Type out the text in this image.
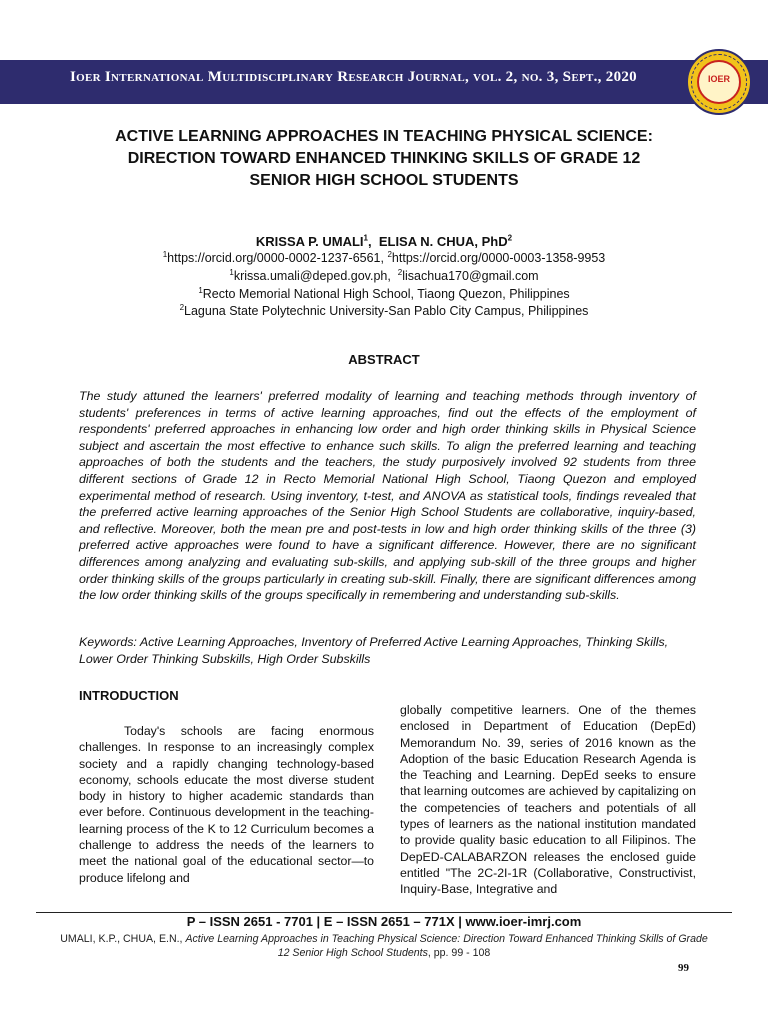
Ioer International Multidisciplinary Research Journal, vol. 2, no. 3, Sept., 2020	IOER
ACTIVE LEARNING APPROACHES IN TEACHING PHYSICAL SCIENCE:
DIRECTION TOWARD ENHANCED THINKING SKILLS OF GRADE 12
SENIOR HIGH SCHOOL STUDENTS
KRISSA P. UMALI$^1$, ELISA N. CHUA, PhD$^2$
$^1$https://orcid.org/0000-0002-1237-6561, $^2$https://orcid.org/0000-0003-1358-9953
$^1$krissa.umali@deped.gov.ph, $^2$lisachua170@gmail.com
$^1$Recto Memorial National High School, Tiaong Quezon, Philippines
$^2$Laguna State Polytechnic University-San Pablo City Campus, Philippines
ABSTRACT

The study attuned the learners' preferred modality of learning and teaching methods through inventory of students' preferences in terms of active learning approaches, find out the effects of the employment of respondents' preferred approaches in enhancing low order and high order thinking skills in Physical Science subject and ascertain the most effective to enhance such skills. To align the preferred learning and teaching approaches of both the students and the teachers, the study purposively involved 92 students from three different sections of Grade 12 in Recto Memorial National High School, Tiaong Quezon and employed experimental method of research. Using inventory, t-test, and ANOVA as statistical tools, findings revealed that the preferred active learning approaches of the Senior High School Students are collaborative, inquiry-based, and reflective. Moreover, both the mean pre and post-tests in low and high order thinking skills of the three (3) preferred active approaches were found to have a significant difference. However, there are no significant differences among analyzing and evaluating sub-skills, and applying sub-skill of the three groups and higher order thinking skills of the groups particularly in creating sub-skill. Finally, there are significant differences among the low order thinking skills of the groups specifically in remembering and understanding sub-skills.

Keywords: Active Learning Approaches, Inventory of Preferred Active Learning Approaches, Thinking Skills, Lower Order Thinking Subskills, High Order Subskills

INTRODUCTION

Today's schools are facing enormous challenges. In response to an increasingly complex society and a rapidly changing technology-based economy, schools educate the most diverse student body in history to higher academic standards than ever before. Continuous development in the teaching-learning process of the K to 12 Curriculum becomes a challenge to address the needs of the learners to meet the national goal of the educational sector—to produce lifelong and

globally competitive learners. One of the themes enclosed in Department of Education (DepEd) Memorandum No. 39, series of 2016 known as the Adoption of the basic Education Research Agenda is the Teaching and Learning. DepEd seeks to ensure that learning outcomes are achieved by capitalizing on the competencies of teachers and potentials of all types of learners as the national institution mandated to provide quality basic education to all Filipinos. The DepED-CALABARZON releases the enclosed guide entitled "The 2C-2I-1R (Collaborative, Constructivist, Inquiry-Base, Integrative and

P – ISSN 2651 - 7701 | E – ISSN 2651 – 771X | www.ioer-imrj.com
UMALI, K.P., CHUA, E.N., Active Learning Approaches in Teaching Physical Science: Direction Toward Enhanced Thinking Skills of Grade 12 Senior High School Students, pp. 99 - 108
99
